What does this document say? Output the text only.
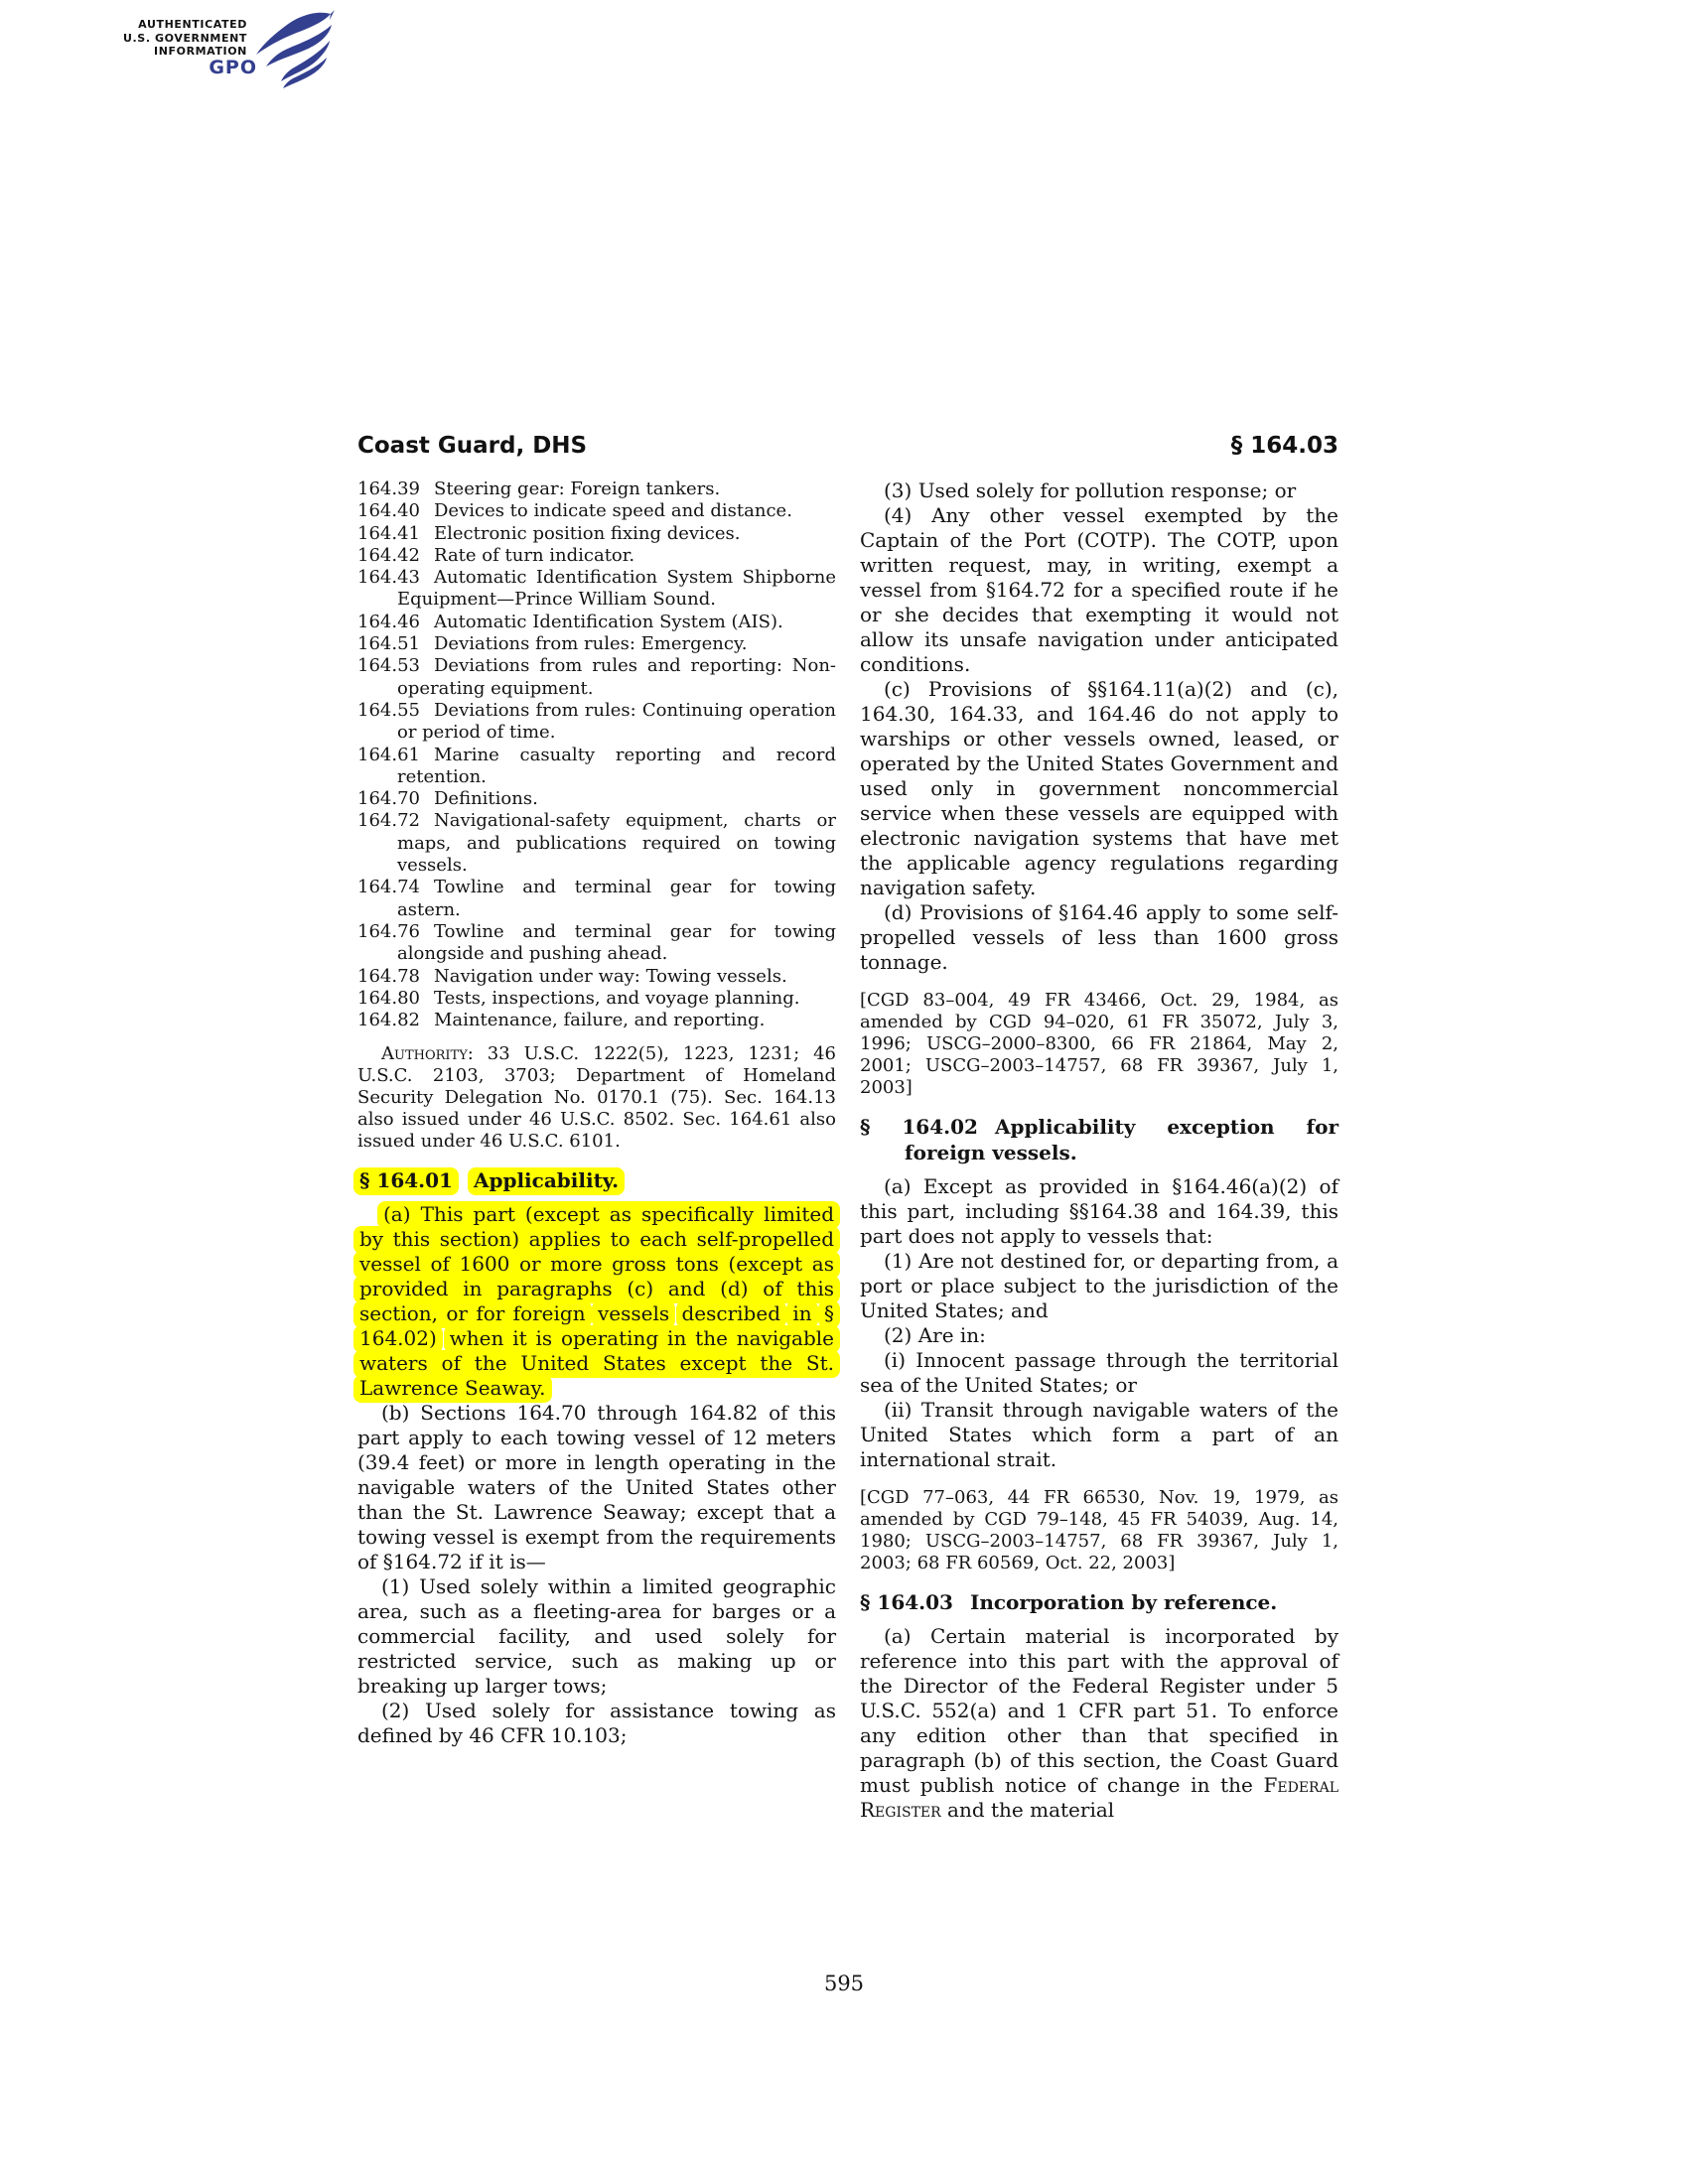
AUTHENTICATED
U.S. GOVERNMENT
INFORMATION
GPO
Coast Guard, DHS	§ 164.03
164.39 Steering gear: Foreign tankers.
164.40 Devices to indicate speed and distance.
164.41 Electronic position fixing devices.
164.42 Rate of turn indicator.
164.43 Automatic Identification System Shipborne Equipment—Prince William Sound.
164.46 Automatic Identification System (AIS).
164.51 Deviations from rules: Emergency.
164.53 Deviations from rules and reporting: Non-operating equipment.
164.55 Deviations from rules: Continuing operation or period of time.
164.61 Marine casualty reporting and record retention.
164.70 Definitions.
164.72 Navigational-safety equipment, charts or maps, and publications required on towing vessels.
164.74 Towline and terminal gear for towing astern.
164.76 Towline and terminal gear for towing alongside and pushing ahead.
164.78 Navigation under way: Towing vessels.
164.80 Tests, inspections, and voyage planning.
164.82 Maintenance, failure, and reporting.

Authority: 33 U.S.C. 1222(5), 1223, 1231; 46 U.S.C. 2103, 3703; Department of Homeland Security Delegation No. 0170.1 (75). Sec. 164.13 also issued under 46 U.S.C. 8502. Sec. 164.61 also issued under 46 U.S.C. 6101.

§ 164.01 Applicability.

(a) This part (except as specifically limited by this section) applies to each self-propelled vessel of 1600 or more gross tons (except as provided in paragraphs (c) and (d) of this section, or for foreign vessels described in § 164.02) when it is operating in the navigable waters of the United States except the St. Lawrence Seaway.

(b) Sections 164.70 through 164.82 of this part apply to each towing vessel of 12 meters (39.4 feet) or more in length operating in the navigable waters of the United States other than the St. Lawrence Seaway; except that a towing vessel is exempt from the requirements of §164.72 if it is—

(1) Used solely within a limited geographic area, such as a fleeting-area for barges or a commercial facility, and used solely for restricted service, such as making up or breaking up larger tows;

(2) Used solely for assistance towing as defined by 46 CFR 10.103;

(3) Used solely for pollution response; or

(4) Any other vessel exempted by the Captain of the Port (COTP). The COTP, upon written request, may, in writing, exempt a vessel from §164.72 for a specified route if he or she decides that exempting it would not allow its unsafe navigation under anticipated conditions.

(c) Provisions of §§164.11(a)(2) and (c), 164.30, 164.33, and 164.46 do not apply to warships or other vessels owned, leased, or operated by the United States Government and used only in government noncommercial service when these vessels are equipped with electronic navigation systems that have met the applicable agency regulations regarding navigation safety.

(d) Provisions of §164.46 apply to some self-propelled vessels of less than 1600 gross tonnage.

[CGD 83–004, 49 FR 43466, Oct. 29, 1984, as amended by CGD 94–020, 61 FR 35072, July 3, 1996; USCG–2000–8300, 66 FR 21864, May 2, 2001; USCG–2003–14757, 68 FR 39367, July 1, 2003]

§ 164.02 Applicability exception for foreign vessels.

(a) Except as provided in §164.46(a)(2) of this part, including §§164.38 and 164.39, this part does not apply to vessels that:

(1) Are not destined for, or departing from, a port or place subject to the jurisdiction of the United States; and

(2) Are in:

(i) Innocent passage through the territorial sea of the United States; or

(ii) Transit through navigable waters of the United States which form a part of an international strait.

[CGD 77–063, 44 FR 66530, Nov. 19, 1979, as amended by CGD 79–148, 45 FR 54039, Aug. 14, 1980; USCG–2003–14757, 68 FR 39367, July 1, 2003; 68 FR 60569, Oct. 22, 2003]

§ 164.03 Incorporation by reference.

(a) Certain material is incorporated by reference into this part with the approval of the Director of the Federal Register under 5 U.S.C. 552(a) and 1 CFR part 51. To enforce any edition other than that specified in paragraph (b) of this section, the Coast Guard must publish notice of change in the Federal Register and the material

595
